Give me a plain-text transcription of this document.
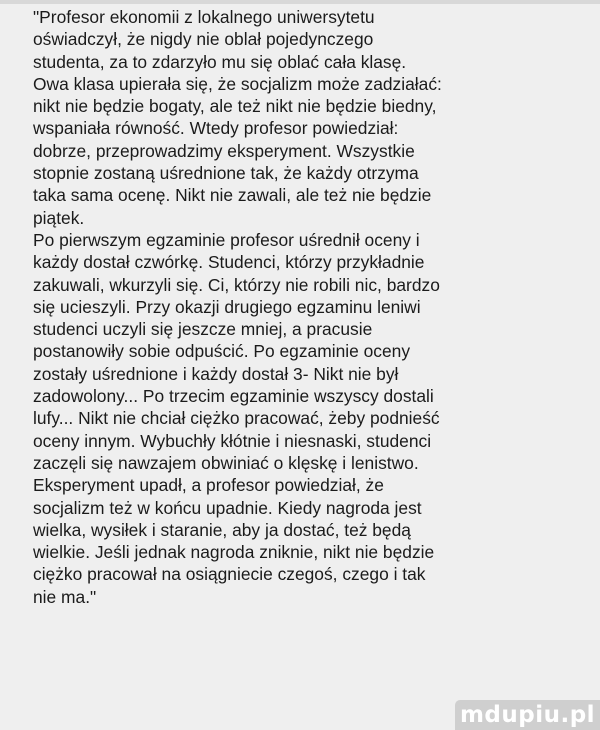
"Profesor ekonomii z lokalnego uniwersytetu
oświadczył, że nigdy nie oblał pojedynczego
studenta, za to zdarzyło mu się oblać cała klasę.
Owa klasa upierała się, że socjalizm może zadziałać:
nikt nie będzie bogaty, ale też nikt nie będzie biedny,
wspaniała równość. Wtedy profesor powiedział:
dobrze, przeprowadzimy eksperyment. Wszystkie
stopnie zostaną uśrednione tak, że każdy otrzyma
taka sama ocenę. Nikt nie zawali, ale też nie będzie
piątek.
Po pierwszym egzaminie profesor uśrednił oceny i
każdy dostał czwórkę. Studenci, którzy przykładnie
zakuwali, wkurzyli się. Ci, którzy nie robili nic, bardzo
się ucieszyli. Przy okazji drugiego egzaminu leniwi
studenci uczyli się jeszcze mniej, a pracusie
postanowiły sobie odpuścić. Po egzaminie oceny
zostały uśrednione i każdy dostał 3- Nikt nie był
zadowolony... Po trzecim egzaminie wszyscy dostali
lufy... Nikt nie chciał ciężko pracować, żeby podnieść
oceny innym. Wybuchły kłótnie i niesnaski, studenci
zaczęli się nawzajem obwiniać o klęskę i lenistwo.
Eksperyment upadł, a profesor powiedział, że
socjalizm też w końcu upadnie. Kiedy nagroda jest
wielka, wysiłek i staranie, aby ja dostać, też będą
wielkie. Jeśli jednak nagroda zniknie, nikt nie będzie
ciężko pracował na osiągniecie czegoś, czego i tak
nie ma."
mdupiu.pl
